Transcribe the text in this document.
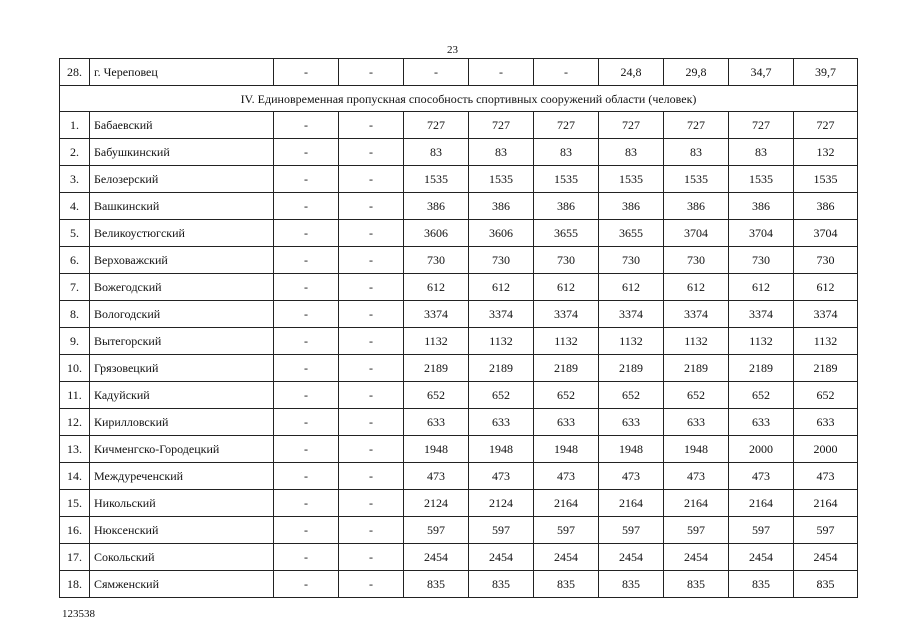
23
28.	г. Череповец	-	-	-	-	-	24,8	29,8	34,7	39,7
IV. Единовременная пропускная способность спортивных сооружений области (человек)										
1.	Бабаевский	-	-	727	727	727	727	727	727	727
2.	Бабушкинский	-	-	83	83	83	83	83	83	132
3.	Белозерский	-	-	1535	1535	1535	1535	1535	1535	1535
4.	Вашкинский	-	-	386	386	386	386	386	386	386
5.	Великоустюгский	-	-	3606	3606	3655	3655	3704	3704	3704
6.	Верховажский	-	-	730	730	730	730	730	730	730
7.	Вожегодский	-	-	612	612	612	612	612	612	612
8.	Вологодский	-	-	3374	3374	3374	3374	3374	3374	3374
9.	Вытегорский	-	-	1132	1132	1132	1132	1132	1132	1132
10.	Грязовецкий	-	-	2189	2189	2189	2189	2189	2189	2189
11.	Кадуйский	-	-	652	652	652	652	652	652	652
12.	Кирилловский	-	-	633	633	633	633	633	633	633
13.	Кичменгско-Городецкий	-	-	1948	1948	1948	1948	1948	2000	2000
14.	Междуреченский	-	-	473	473	473	473	473	473	473
15.	Никольский	-	-	2124	2124	2164	2164	2164	2164	2164
16.	Нюксенский	-	-	597	597	597	597	597	597	597
17.	Сокольский	-	-	2454	2454	2454	2454	2454	2454	2454
18.	Сямженский	-	-	835	835	835	835	835	835	835
123538
